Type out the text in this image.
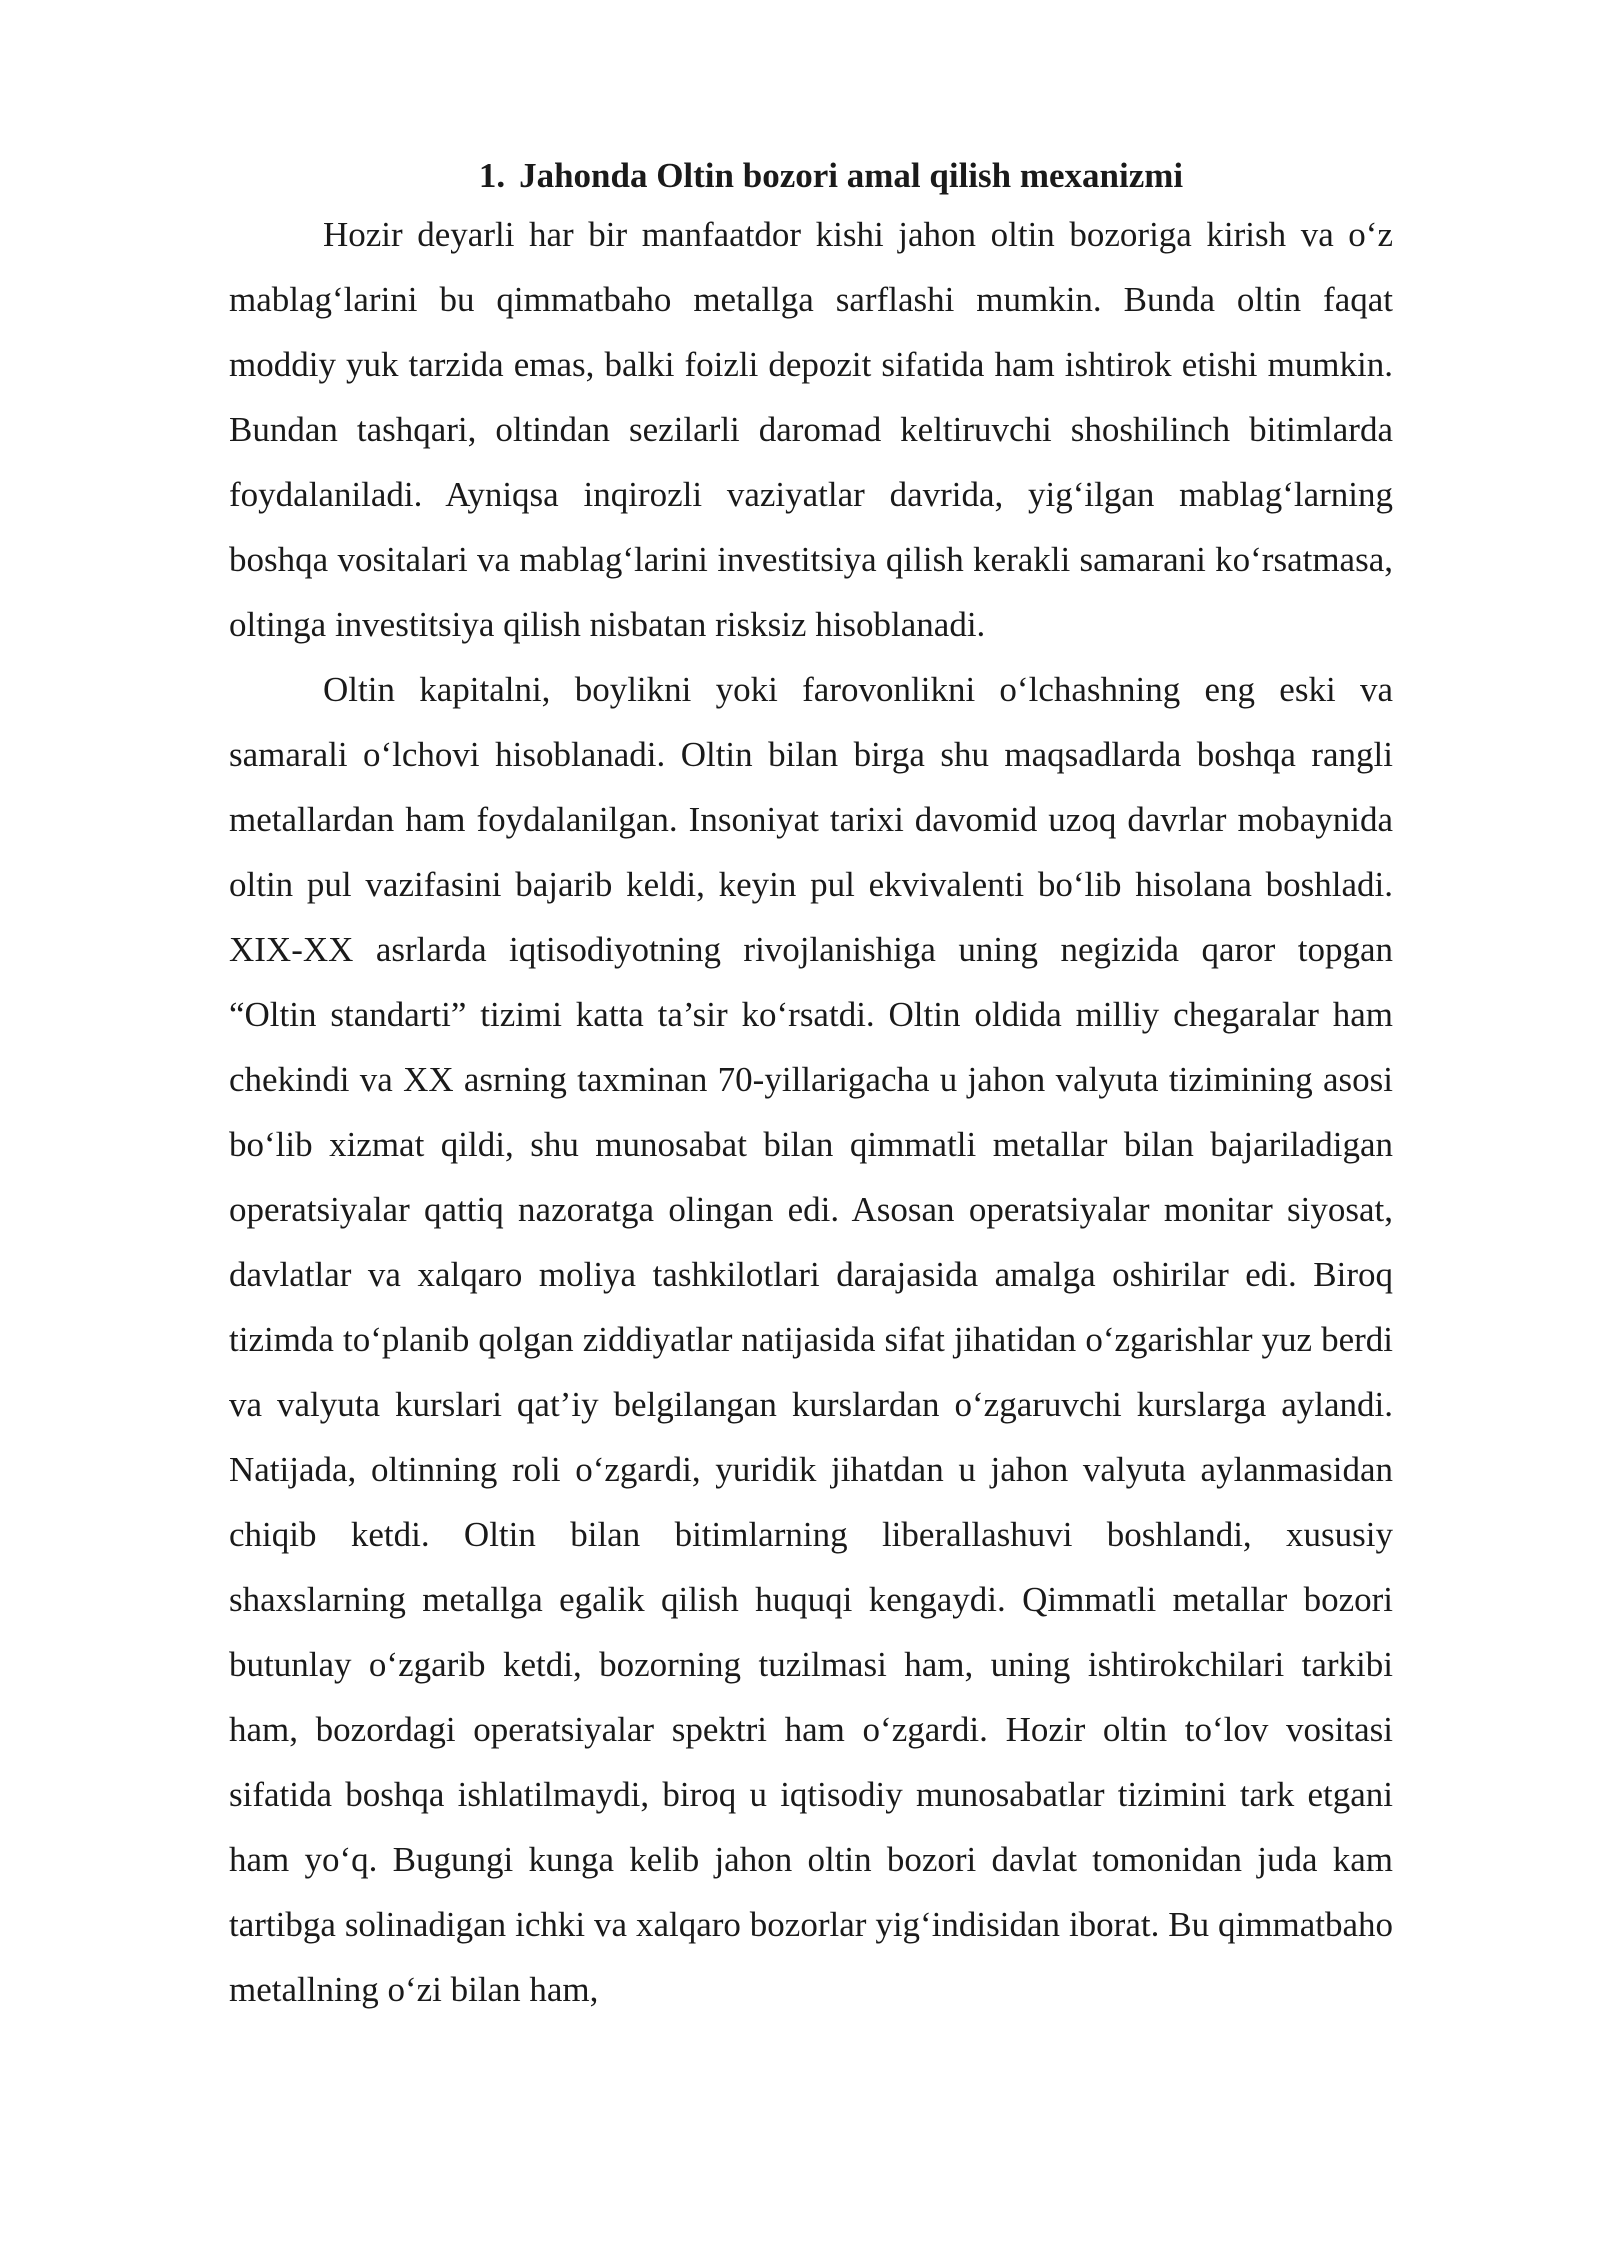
1. Jahonda Oltin bozori amal qilish mexanizmi

Hozir deyarli har bir manfaatdor kishi jahon oltin bozoriga kirish va o‘z mablag‘larini bu qimmatbaho metallga sarflashi mumkin. Bunda oltin faqat moddiy yuk tarzida emas, balki foizli depozit sifatida ham ishtirok etishi mumkin. Bundan tashqari, oltindan sezilarli daromad keltiruvchi shoshilinch bitimlarda foydalaniladi. Ayniqsa inqirozli vaziyatlar davrida, yig‘ilgan mablag‘larning boshqa vositalari va mablag‘larini investitsiya qilish kerakli samarani ko‘rsatmasa, oltinga investitsiya qilish nisbatan risksiz hisoblanadi.

Oltin kapitalni, boylikni yoki farovonlikni o‘lchashning eng eski va samarali o‘lchovi hisoblanadi. Oltin bilan birga shu maqsadlarda boshqa rangli metallardan ham foydalanilgan. Insoniyat tarixi davomid uzoq davrlar mobaynida oltin pul vazifasini bajarib keldi, keyin pul ekvivalenti bo‘lib hisolana boshladi. XIX-XX asrlarda iqtisodiyotning rivojlanishiga uning negizida qaror topgan “Oltin standarti” tizimi katta ta’sir ko‘rsatdi. Oltin oldida milliy chegaralar ham chekindi va XX asrning taxminan 70-yillarigacha u jahon valyuta tizimining asosi bo‘lib xizmat qildi, shu munosabat bilan qimmatli metallar bilan bajariladigan operatsiyalar qattiq nazoratga olingan edi. Asosan operatsiyalar monitar siyosat, davlatlar va xalqaro moliya tashkilotlari darajasida amalga oshirilar edi. Biroq tizimda to‘planib qolgan ziddiyatlar natijasida sifat jihatidan o‘zgarishlar yuz berdi va valyuta kurslari qat’iy belgilangan kurslardan o‘zgaruvchi kurslarga aylandi. Natijada, oltinning roli o‘zgardi, yuridik jihatdan u jahon valyuta aylanmasidan chiqib ketdi. Oltin bilan bitimlarning liberallashuvi boshlandi, xususiy shaxslarning metallga egalik qilish huquqi kengaydi. Qimmatli metallar bozori butunlay o‘zgarib ketdi, bozorning tuzilmasi ham, uning ishtirokchilari tarkibi ham, bozordagi operatsiyalar spektri ham o‘zgardi. Hozir oltin to‘lov vositasi sifatida boshqa ishlatilmaydi, biroq u iqtisodiy munosabatlar tizimini tark etgani ham yo‘q. Bugungi kunga kelib jahon oltin bozori davlat tomonidan juda kam tartibga solinadigan ichki va xalqaro bozorlar yig‘indisidan iborat. Bu qimmatbaho metallning o‘zi bilan ham,
